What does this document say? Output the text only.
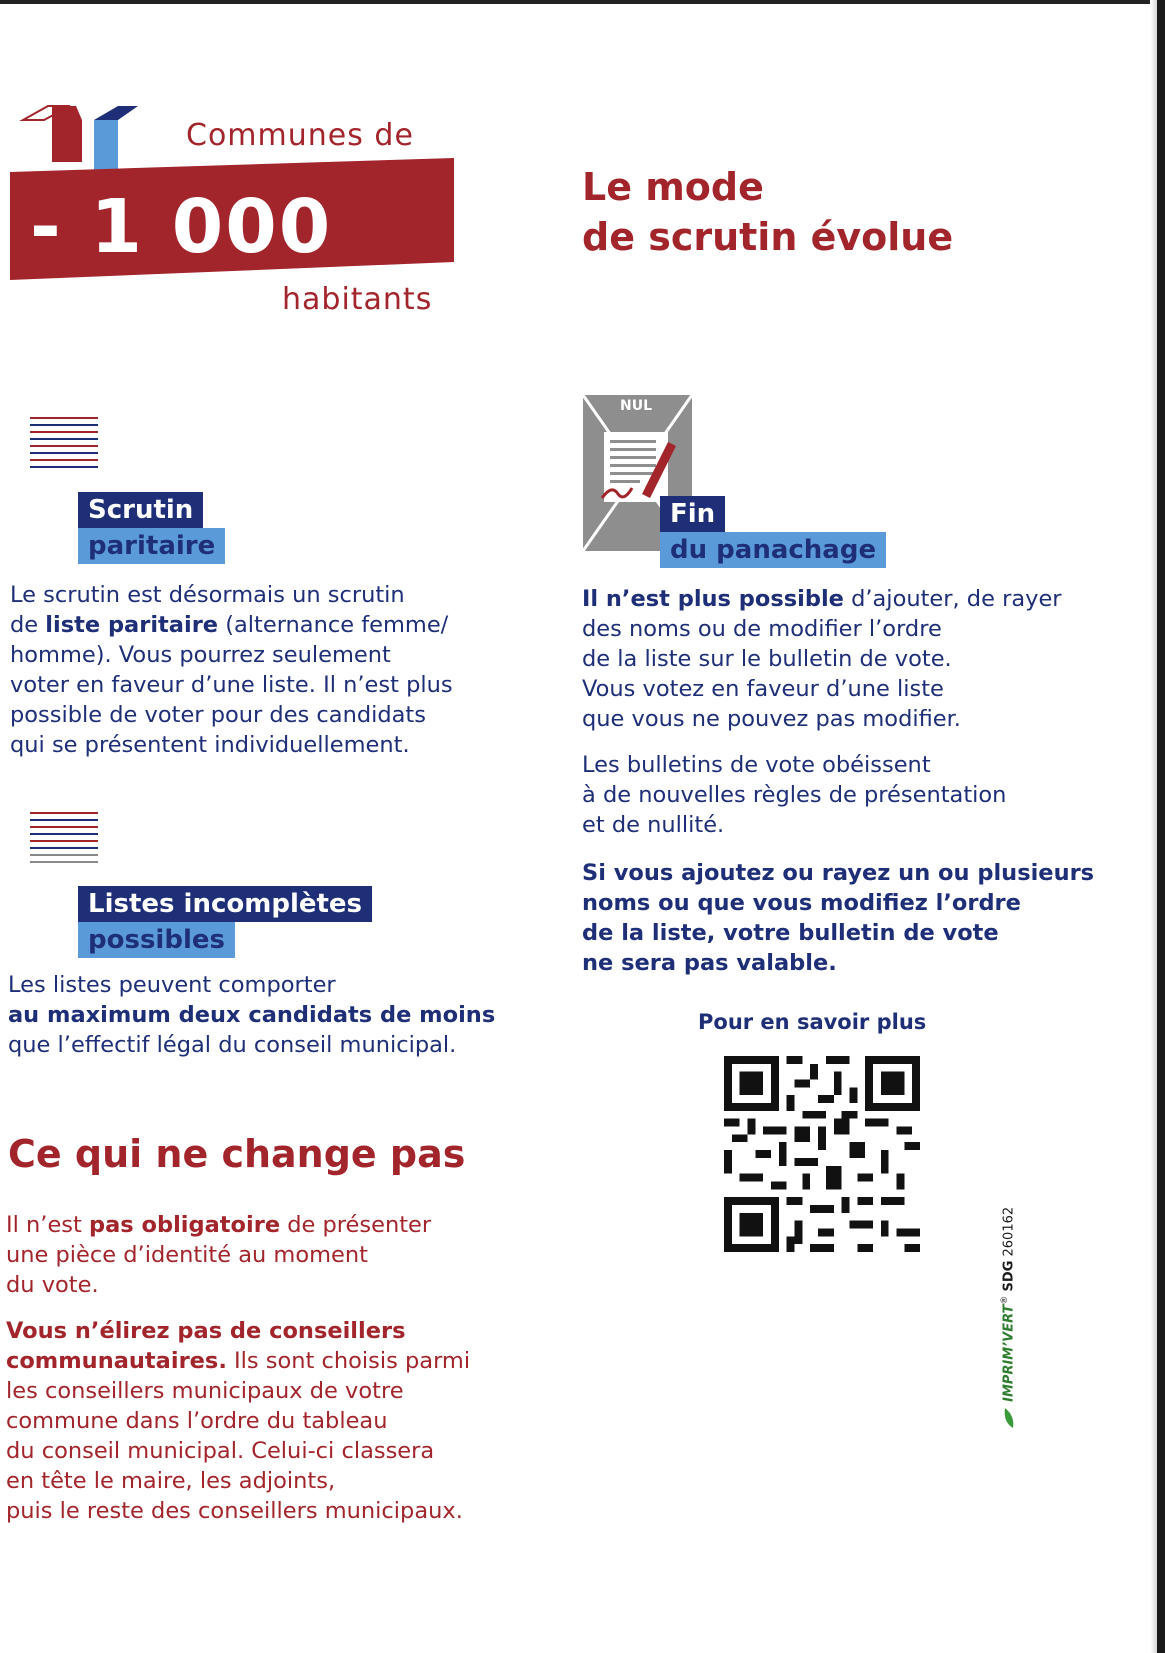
Communes de
- 1 000
habitants
Le mode
de scrutin évolue
Scrutin
paritaire
Le scrutin est désormais un scrutin
de liste paritaire (alternance femme/
homme). Vous pourrez seulement
voter en faveur d’une liste. Il n’est plus
possible de voter pour des candidats
qui se présentent individuellement.
Listes incomplètes
possibles
Les listes peuvent comporter
au maximum deux candidats de moins
que l’effectif légal du conseil municipal.
Ce qui ne change pas
Il n’est pas obligatoire de présenter
une pièce d’identité au moment
du vote.
Vous n’élirez pas de conseillers
communautaires. Ils sont choisis parmi
les conseillers municipaux de votre
commune dans l’ordre du tableau
du conseil municipal. Celui-ci classera
en tête le maire, les adjoints,
puis le reste des conseillers municipaux.
NUL
Fin
du panachage
Il n’est plus possible d’ajouter, de rayer
des noms ou de modifier l’ordre
de la liste sur le bulletin de vote.
Vous votez en faveur d’une liste
que vous ne pouvez pas modifier.
Les bulletins de vote obéissent
à de nouvelles règles de présentation
et de nullité.
Si vous ajoutez ou rayez un ou plusieurs
noms ou que vous modifiez l’ordre
de la liste, votre bulletin de vote
ne sera pas valable.
Pour en savoir plus
IMPRIM’VERT® SDG 260162
